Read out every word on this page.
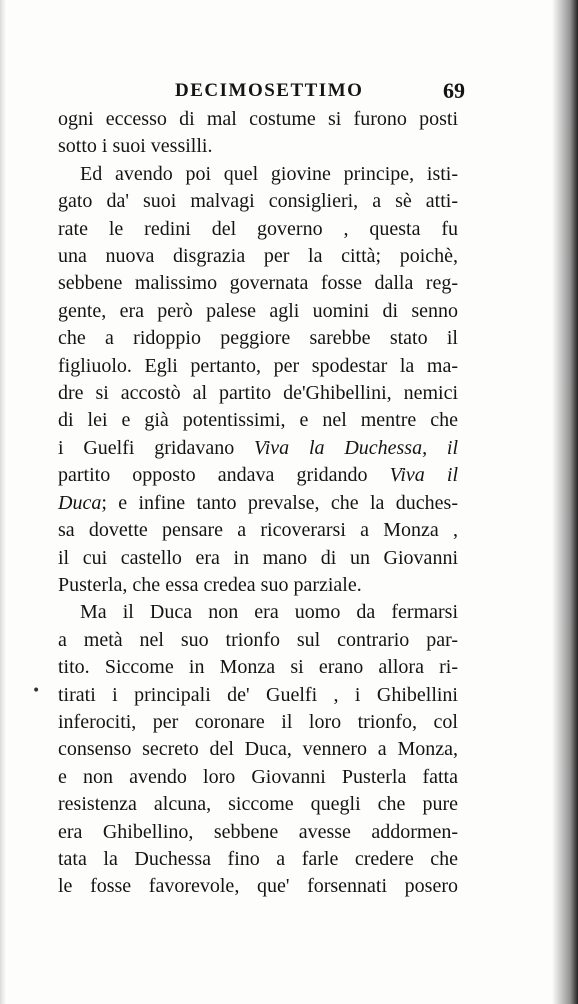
DECIMOSETTIMO	69
•
ogni eccesso di mal costume si furono posti
sotto i suoi vessilli.
Ed avendo poi quel giovine principe, isti-
gato da' suoi malvagi consiglieri, a sè atti-
rate le redini del governo , questa fu
una nuova disgrazia per la città; poichè,
sebbene malissimo governata fosse dalla reg-
gente, era però palese agli uomini di senno
che a ridoppio peggiore sarebbe stato il
figliuolo. Egli pertanto, per spodestar la ma-
dre si accostò al partito de'Ghibellini, nemici
di lei e già potentissimi, e nel mentre che
i Guelfi gridavano Viva la Duchessa, il
partito opposto andava gridando Viva il
Duca; e infine tanto prevalse, che la duches-
sa dovette pensare a ricoverarsi a Monza ,
il cui castello era in mano di un Giovanni
Pusterla, che essa credea suo parziale.
Ma il Duca non era uomo da fermarsi
a metà nel suo trionfo sul contrario par-
tito. Siccome in Monza si erano allora ri-
tirati i principali de' Guelfi , i Ghibellini
inferociti, per coronare il loro trionfo, col
consenso secreto del Duca, vennero a Monza,
e non avendo loro Giovanni Pusterla fatta
resistenza alcuna, siccome quegli che pure
era Ghibellino, sebbene avesse addormen-
tata la Duchessa fino a farle credere che
le fosse favorevole, que' forsennati posero
